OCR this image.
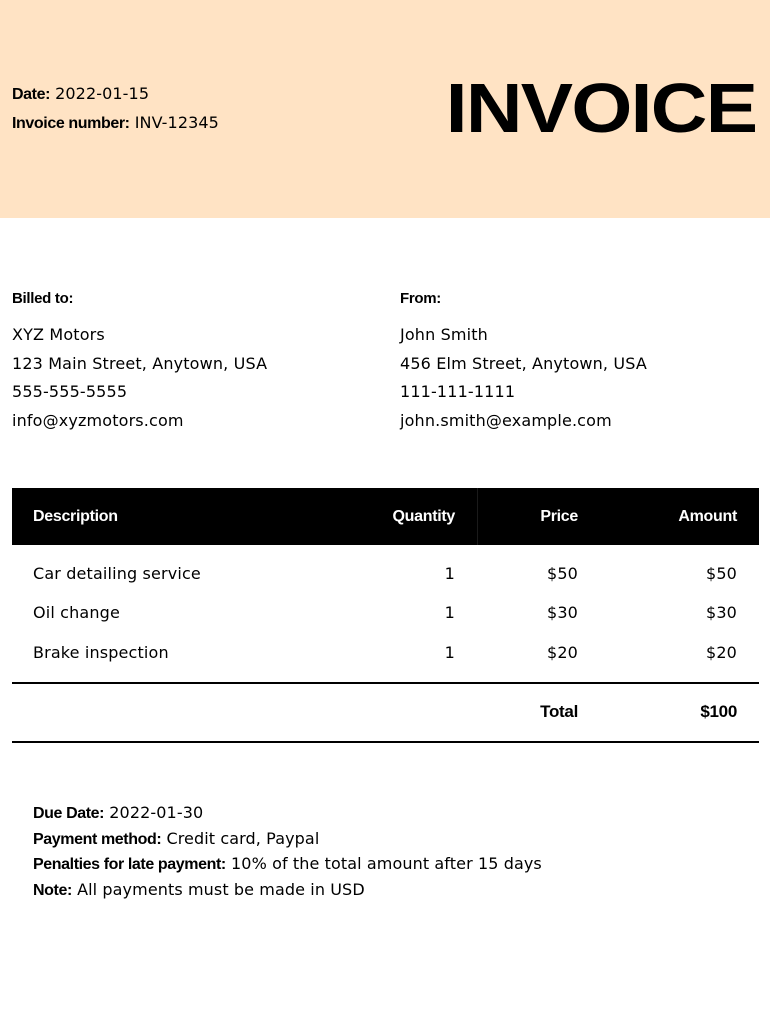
Date: 2022-01-15
Invoice number: INV-12345	INVOICE
Billed to:
XYZ Motors
123 Main Street, Anytown, USA
555-555-5555
info@xyzmotors.com
From:
John Smith
456 Elm Street, Anytown, USA
111-111-1111
john.smith@example.com
Description	Quantity	Price	Amount
Car detailing service	1	$50	$50
Oil change	1	$30	$30
Brake inspection	1	$20	$20
Total	$100
Due Date: 2022-01-30
Payment method: Credit card, Paypal
Penalties for late payment: 10% of the total amount after 15 days
Note: All payments must be made in USD
